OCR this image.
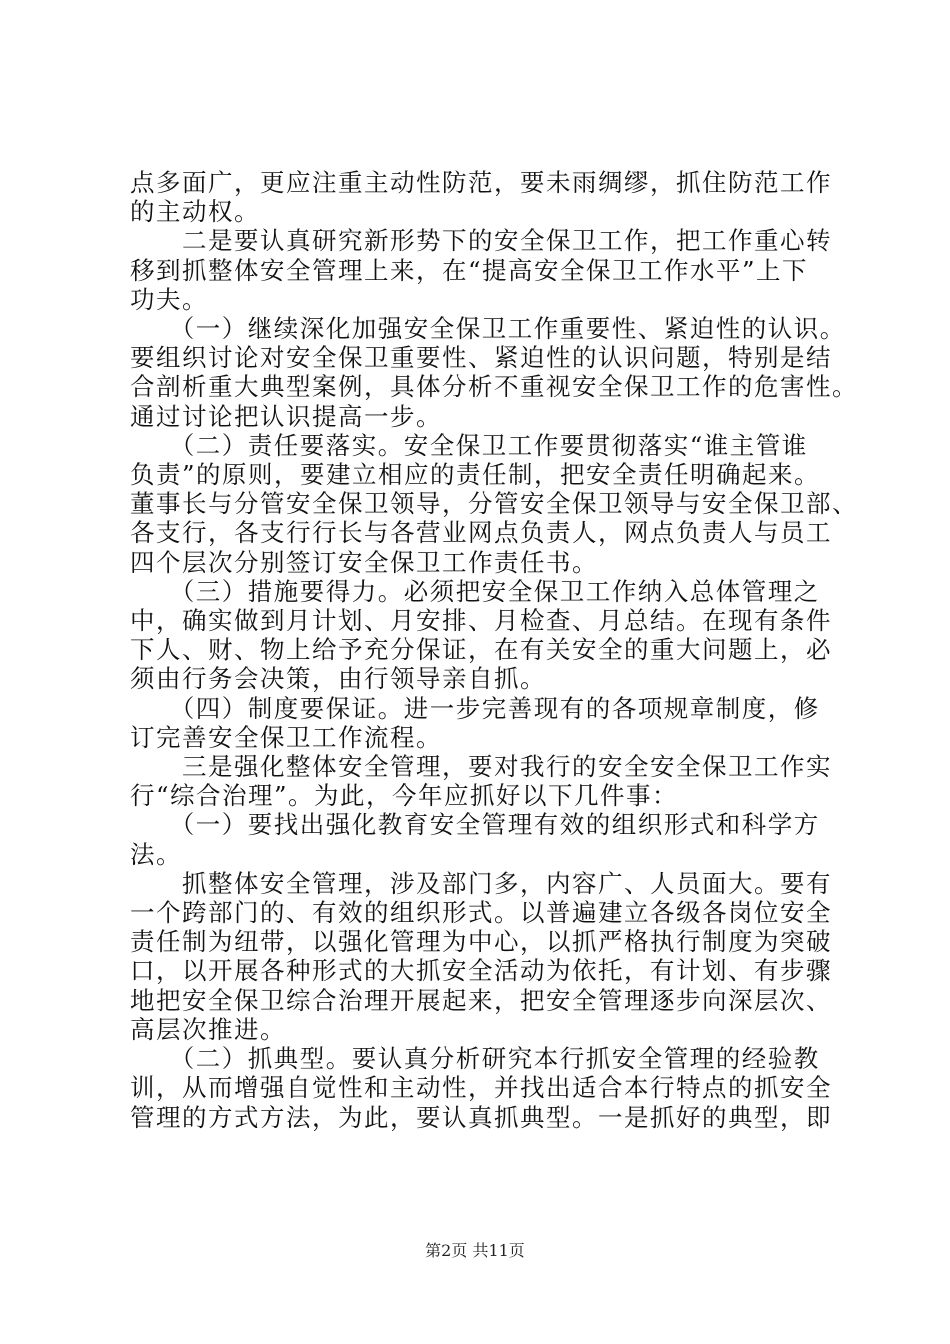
点多面广，更应注重主动性防范，要未雨绸缪，抓住防范工作
的主动权。
　　二是要认真研究新形势下的安全保卫工作，把工作重心转
移到抓整体安全管理上来，在“提高安全保卫工作水平”上下
功夫。
　　（一）继续深化加强安全保卫工作重要性、紧迫性的认识。
要组织讨论对安全保卫重要性、紧迫性的认识问题，特别是结
合剖析重大典型案例，具体分析不重视安全保卫工作的危害性。
通过讨论把认识提高一步。
　　（二）责任要落实。安全保卫工作要贯彻落实“谁主管谁
负责”的原则，要建立相应的责任制，把安全责任明确起来。
董事长与分管安全保卫领导，分管安全保卫领导与安全保卫部、
各支行，各支行行长与各营业网点负责人，网点负责人与员工
四个层次分别签订安全保卫工作责任书。
　　（三）措施要得力。必须把安全保卫工作纳入总体管理之
中，确实做到月计划、月安排、月检查、月总结。在现有条件
下人、财、物上给予充分保证，在有关安全的重大问题上，必
须由行务会决策，由行领导亲自抓。
　　（四）制度要保证。进一步完善现有的各项规章制度，修
订完善安全保卫工作流程。
　　三是强化整体安全管理，要对我行的安全安全保卫工作实
行“综合治理”。为此，今年应抓好以下几件事：
　　（一）要找出强化教育安全管理有效的组织形式和科学方
法。
　　抓整体安全管理，涉及部门多，内容广、人员面大。要有
一个跨部门的、有效的组织形式。以普遍建立各级各岗位安全
责任制为纽带，以强化管理为中心，以抓严格执行制度为突破
口，以开展各种形式的大抓安全活动为依托，有计划、有步骤
地把安全保卫综合治理开展起来，把安全管理逐步向深层次、
高层次推进。
　　（二）抓典型。要认真分析研究本行抓安全管理的经验教
训，从而增强自觉性和主动性，并找出适合本行特点的抓安全
管理的方式方法，为此，要认真抓典型。一是抓好的典型，即
第2页 共11页
